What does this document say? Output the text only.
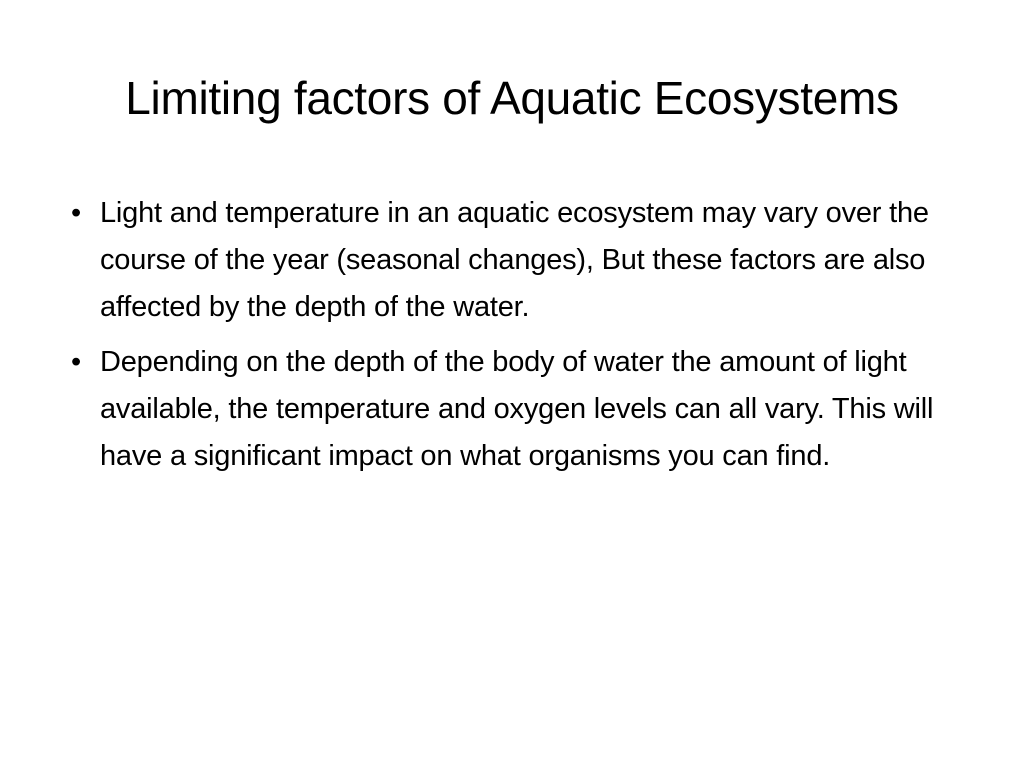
Limiting factors of Aquatic Ecosystems
• Light and temperature in an aquatic ecosystem may vary over the course of the year (seasonal changes), But these factors are also affected by the depth of the water.
• Depending on the depth of the body of water the amount of light available, the temperature and oxygen levels can all vary. This will have a significant impact on what organisms you can find.
